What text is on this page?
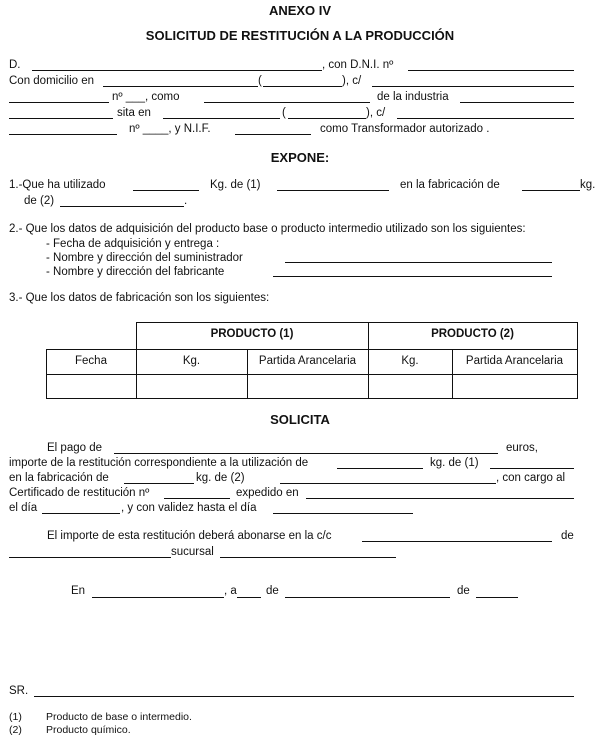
ANEXO IV
SOLICITUD DE RESTITUCIÓN A LA PRODUCCIÓN
D.	, con D.N.I. nº
Con domicilio en	(	), c/
nº ___, como	de la industria
sita en	(	), c/
nº ____, y N.I.F.	como Transformador autorizado .
EXPONE:
1.-Que ha utilizado	Kg. de (1)	en la fabricación de	kg.
de (2)	.
2.- Que los datos de adquisición del producto base o producto intermedio utilizado son los siguientes:
- Fecha de adquisición y entrega :
- Nombre y dirección del suministrador
- Nombre y dirección del fabricante
3.- Que los datos de fabricación son los siguientes:
PRODUCTO (1)	PRODUCTO (2)
Fecha	Kg.	Partida Arancelaria	Kg.	Partida Arancelaria
SOLICITA
El pago de	euros,
importe de la restitución correspondiente a la utilización de	kg. de (1)
en la fabricación de	kg. de (2)	, con cargo al
Certificado de restitución nº	expedido en
el día	, y con validez hasta el día
El importe de esta restitución deberá abonarse en la c/c	de
sucursal
En	, a	de	de
SR.
(1) Producto de base o intermedio.
(2) Producto químico.
